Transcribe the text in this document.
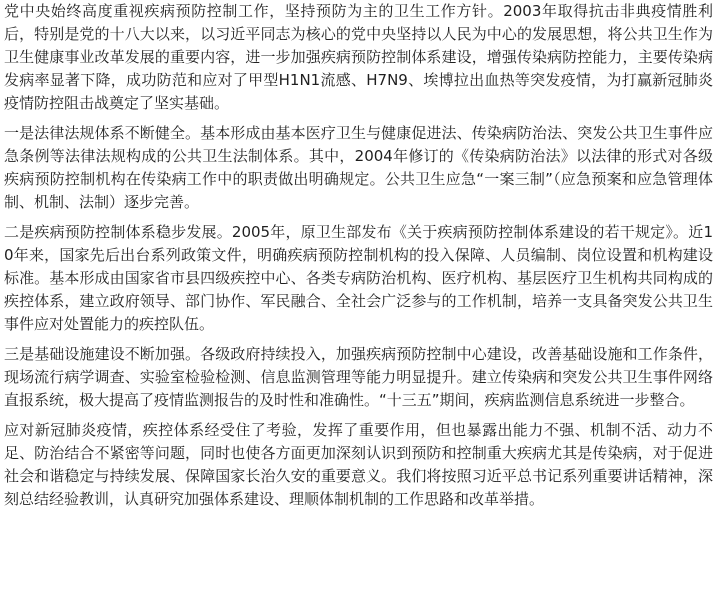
党中央始终高度重视疾病预防控制工作，坚持预防为主的卫生工作方针。2003年取得抗击非典疫情胜利后，特别是党的十八大以来，以习近平同志为核心的党中央坚持以人民为中心的发展思想，将公共卫生作为卫生健康事业改革发展的重要内容，进一步加强疾病预防控制体系建设，增强传染病防控能力，主要传染病发病率显著下降，成功防范和应对了甲型H1N1流感、H7N9、埃博拉出血热等突发疫情，为打赢新冠肺炎疫情防控阻击战奠定了坚实基础。

一是法律法规体系不断健全。基本形成由基本医疗卫生与健康促进法、传染病防治法、突发公共卫生事件应急条例等法律法规构成的公共卫生法制体系。其中，2004年修订的《传染病防治法》以法律的形式对各级疾病预防控制机构在传染病工作中的职责做出明确规定。公共卫生应急“一案三制”（应急预案和应急管理体制、机制、法制）逐步完善。

二是疾病预防控制体系稳步发展。2005年，原卫生部发布《关于疾病预防控制体系建设的若干规定》。近10年来，国家先后出台系列政策文件，明确疾病预防控制机构的投入保障、人员编制、岗位设置和机构建设标准。基本形成由国家省市县四级疾控中心、各类专病防治机构、医疗机构、基层医疗卫生机构共同构成的疾控体系，建立政府领导、部门协作、军民融合、全社会广泛参与的工作机制，培养一支具备突发公共卫生事件应对处置能力的疾控队伍。

三是基础设施建设不断加强。各级政府持续投入，加强疾病预防控制中心建设，改善基础设施和工作条件，现场流行病学调查、实验室检验检测、信息监测管理等能力明显提升。建立传染病和突发公共卫生事件网络直报系统，极大提高了疫情监测报告的及时性和准确性。“十三五”期间，疾病监测信息系统进一步整合。

应对新冠肺炎疫情，疾控体系经受住了考验，发挥了重要作用，但也暴露出能力不强、机制不活、动力不足、防治结合不紧密等问题，同时也使各方面更加深刻认识到预防和控制重大疾病尤其是传染病，对于促进社会和谐稳定与持续发展、保障国家长治久安的重要意义。我们将按照习近平总书记系列重要讲话精神，深刻总结经验教训，认真研究加强体系建设、理顺体制机制的工作思路和改革举措。
